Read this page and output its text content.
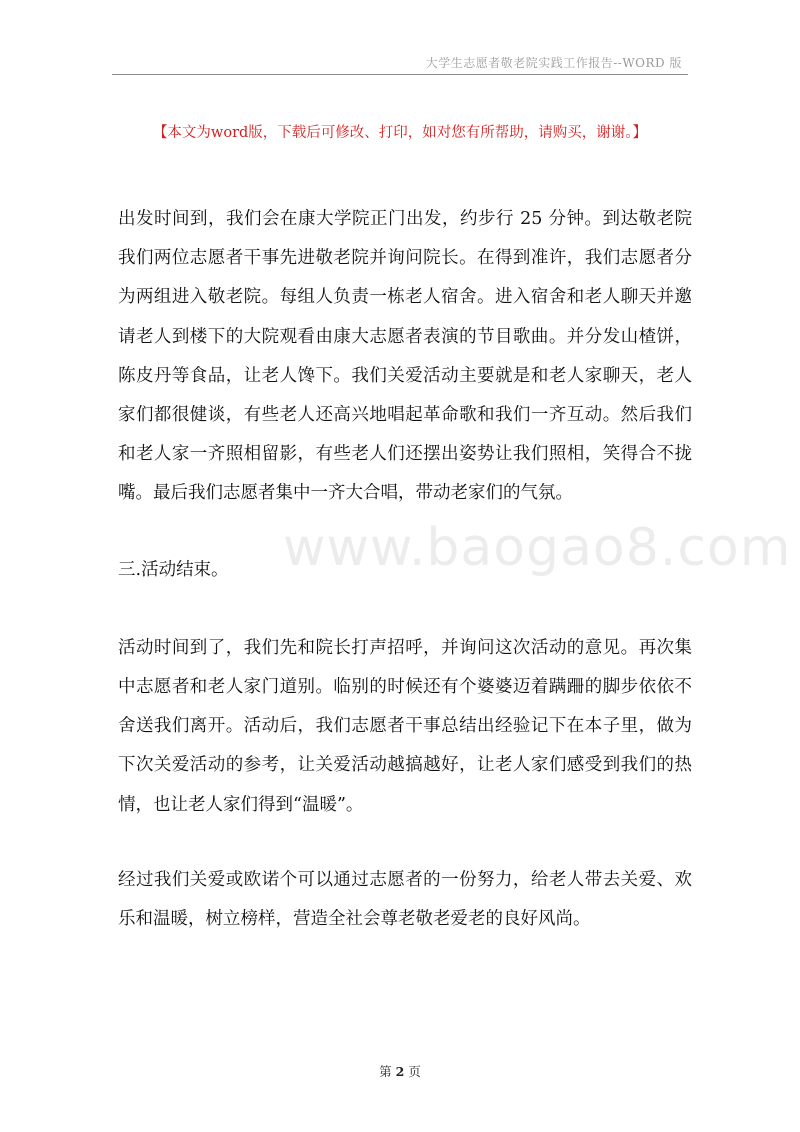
大学生志愿者敬老院实践工作报告--WORD 版
【本文为word版，下载后可修改、打印，如对您有所帮助，请购买，谢谢。】

出发时间到，我们会在康大学院正门出发，约步行 25 分钟。到达敬老院我们两位志愿者干事先进敬老院并询问院长。在得到准许，我们志愿者分为两组进入敬老院。每组人负责一栋老人宿舍。进入宿舍和老人聊天并邀请老人到楼下的大院观看由康大志愿者表演的节目歌曲。并分发山楂饼，陈皮丹等食品，让老人馋下。我们关爱活动主要就是和老人家聊天，老人家们都很健谈，有些老人还高兴地唱起革命歌和我们一齐互动。然后我们和老人家一齐照相留影，有些老人们还摆出姿势让我们照相，笑得合不拢嘴。最后我们志愿者集中一齐大合唱，带动老家们的气氛。

三.活动结束。

活动时间到了，我们先和院长打声招呼，并询问这次活动的意见。再次集中志愿者和老人家门道别。临别的时候还有个婆婆迈着蹒跚的脚步依依不舍送我们离开。活动后，我们志愿者干事总结出经验记下在本子里，做为下次关爱活动的参考，让关爱活动越搞越好，让老人家们感受到我们的热情，也让老人家们得到“温暖”。

经过我们关爱或欧诺个可以通过志愿者的一份努力，给老人带去关爱、欢乐和温暖，树立榜样，营造全社会尊老敬老爱老的良好风尚。

www.baogao8.com
第 2 页
